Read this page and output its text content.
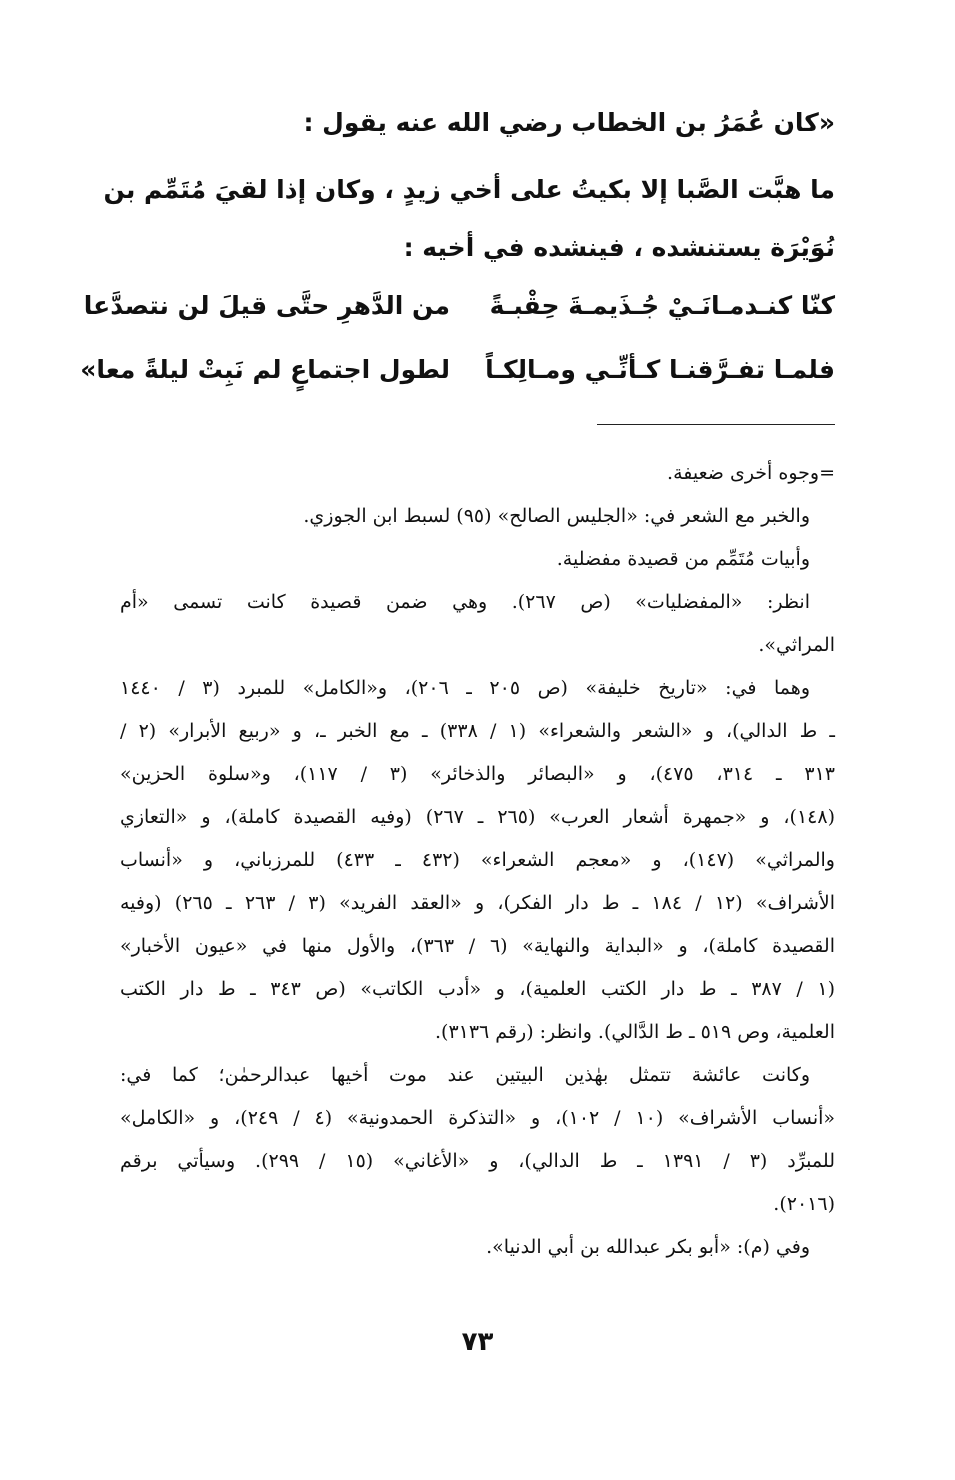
«كان عُمَرُ بن الخطاب رضي الله عنه يقول :
ما هبَّت الصَّبا إلا بكيتُ على أخي زيدٍ ، وكان إذا لقيَ مُتَمِّم بن
نُوَيْرَة يستنشده ، فينشده في أخيه :
كنّا كنـدمـانَـيْ جُـذَيمـةَ حِقْبـةً
من الدَّهرِ حتَّى قيلَ لن نتصدَّعا
فلمـا تفـرَّقنـا كـأنِّـي ومـالِكـاً
لطول اجتماعٍ لم نَبِتْ ليلةً معا»
=وجوه أخرى ضعيفة.
والخبر مع الشعر في: «الجليس الصالح» (٩٥) لسبط ابن الجوزي.
وأبيات مُتَمِّم من قصيدة مفضلية.
انظر: «المفضليات» (ص ٢٦٧). وهي ضمن قصيدة كانت تسمى «أم
المراثي».
وهما في: «تاريخ خليفة» (ص ٢٠٥ ـ ٢٠٦)، و«الكامل» للمبرد (٣ / ١٤٤٠
ـ ط الدالي)، و «الشعر والشعراء» (١ / ٣٣٨) ـ مع الخبر ـ، و «ربيع الأبرار» (٢ /
٣١٣ ـ ٣١٤، ٤٧٥)، و «البصائر والذخائر» (٣ / ١١٧)، و«سلوة الحزين»
(١٤٨)، و «جمهرة أشعار العرب» (٢٦٥ ـ ٢٦٧) (وفيه القصيدة كاملة)، و «التعازي
والمراثي» (١٤٧)، و «معجم الشعراء» (٤٣٢ ـ ٤٣٣) للمرزباني، و «أنساب
الأشراف» (١٢ / ١٨٤ ـ ط دار الفكر)، و «العقد الفريد» (٣ / ٢٦٣ ـ ٢٦٥) (وفيه
القصيدة كاملة)، و «البداية والنهاية» (٦ / ٣٦٣)، والأول منها في «عيون الأخبار»
(١ / ٣٨٧ ـ ط دار الكتب العلمية)، و «أدب الكاتب» (ص ٣٤٣ ـ ط دار الكتب
العلمية، وص ٥١٩ ـ ط الدَّالي). وانظر: (رقم ٣١٣٦).
وكانت عائشة تتمثل بهٰذين البيتين عند موت أخيها عبدالرحمٰن؛ كما في:
«أنساب الأشراف» (١٠ / ١٠٢)، و «التذكرة الحمدونية» (٤ / ٢٤٩)، و «الكامل»
للمبرِّد (٣ / ١٣٩١ ـ ط الدالي)، و «الأغاني» (١٥ / ٢٩٩). وسيأتي برقم
(٢٠١٦).
وفي (م): «أبو بكر عبدالله بن أبي الدنيا».
٧٣
